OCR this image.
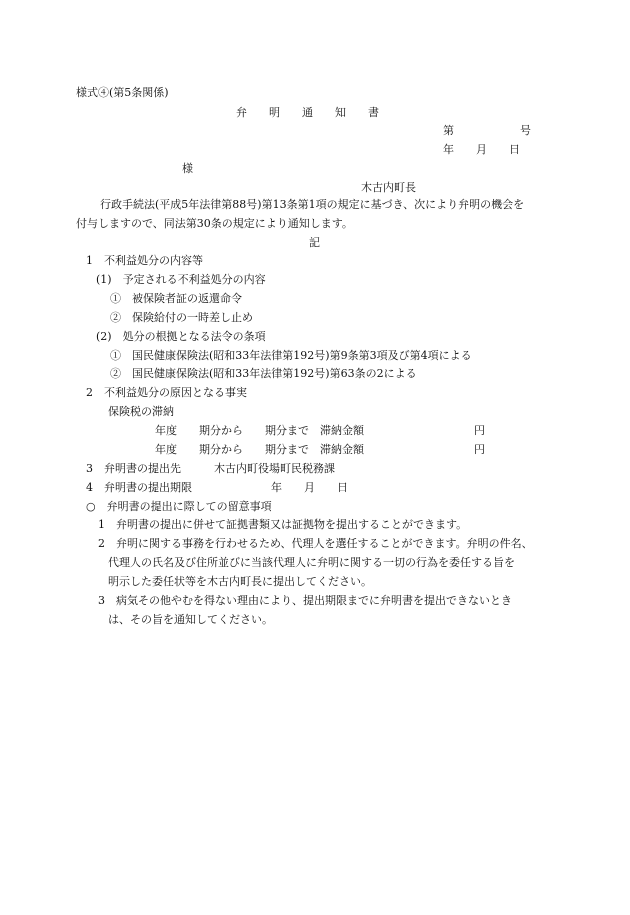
様式④(第5条関係)
弁　　明　　通　　知　　書
第　　　　　　号
年　　月　　日
様
木古内町長
行政手続法(平成5年法律第88号)第13条第1項の規定に基づき、次により弁明の機会を
付与しますので、同法第30条の規定により通知します。
記
1　不利益処分の内容等
(1)　予定される不利益処分の内容
①　被保険者証の返還命令
②　保険給付の一時差し止め
(2)　処分の根拠となる法令の条項
①　国民健康保険法(昭和33年法律第192号)第9条第3項及び第4項による
②　国民健康保険法(昭和33年法律第192号)第63条の2による
2　不利益処分の原因となる事実
保険税の滞納
年度　　期分から　　期分まで　滞納金額	円
年度　　期分から　　期分まで　滞納金額	円
3　弁明書の提出先	木古内町役場町民税務課
4　弁明書の提出期限	年　　月　　日
○　弁明書の提出に際しての留意事項
1　弁明書の提出に併せて証拠書類又は証拠物を提出することができます。
2　弁明に関する事務を行わせるため、代理人を選任することができます。弁明の件名、
代理人の氏名及び住所並びに当該代理人に弁明に関する一切の行為を委任する旨を
明示した委任状等を木古内町長に提出してください。
3　病気その他やむを得ない理由により、提出期限までに弁明書を提出できないとき
は、その旨を通知してください。
